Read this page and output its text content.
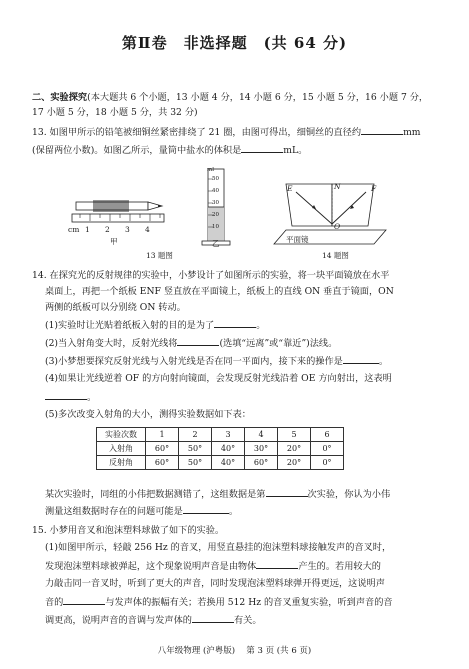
第Ⅱ卷　非选择题　(共 64 分)
二、实验探究(本大题共 6 个小题，13 小题 4 分，14 小题 6 分，15 小题 5 分，16 小题 7 分，
17 小题 5 分，18 小题 5 分，共 32 分)
13. 如图甲所示的铅笔被细铜丝紧密排绕了 21 圈，由图可得出，细铜丝的直径约	mm
(保留两位小数)。如图乙所示，量筒中盐水的体积是	mL。
cm 1 2 3 4
甲
ml
50
40
30
20
10
乙
13 题图
E	N	F
O
平面镜
14 题图
14. 在探究光的反射规律的实验中，小梦设计了如图所示的实验，将一块平面镜放在水平
桌面上，再把一个纸板 ENF 竖直放在平面镜上，纸板上的直线 ON 垂直于镜面，ON
两侧的纸板可以分别绕 ON 转动。
(1)实验时让光贴着纸板入射的目的是为了	。
(2)当入射角变大时，反射光线将	(选填“远离”或“靠近”)法线。
(3)小梦想要探究反射光线与入射光线是否在同一平面内，接下来的操作是	。
(4)如果让光线逆着 OF 的方向射向镜面，会发现反射光线沿着 OE 方向射出，这表明
。
(5)多次改变入射角的大小，测得实验数据如下表：
实验次数	1	2	3	4	5	6
入射角	60°	50°	40°	30°	20°	0°
反射角	60°	50°	40°	60°	20°	0°
某次实验时，同组的小伟把数据测错了，这组数据是第	次实验，你认为小伟
测量这组数据时存在的问题可能是	。
15. 小梦用音叉和泡沫塑料球做了如下的实验。
(1)如图甲所示，轻敲 256 Hz 的音叉，用竖直悬挂的泡沫塑料球接触发声的音叉时，
发现泡沫塑料球被弹起，这个现象说明声音是由物体	产生的。若用较大的
力敲击同一音叉时，听到了更大的声音，同时发现泡沫塑料球弹开得更远，这说明声
音的	与发声体的振幅有关；若换用 512 Hz 的音叉重复实验，听到声音的音
调更高，说明声音的音调与发声体的	有关。
八年级物理 (沪粤版)　 第 3 页 (共 6 页)
